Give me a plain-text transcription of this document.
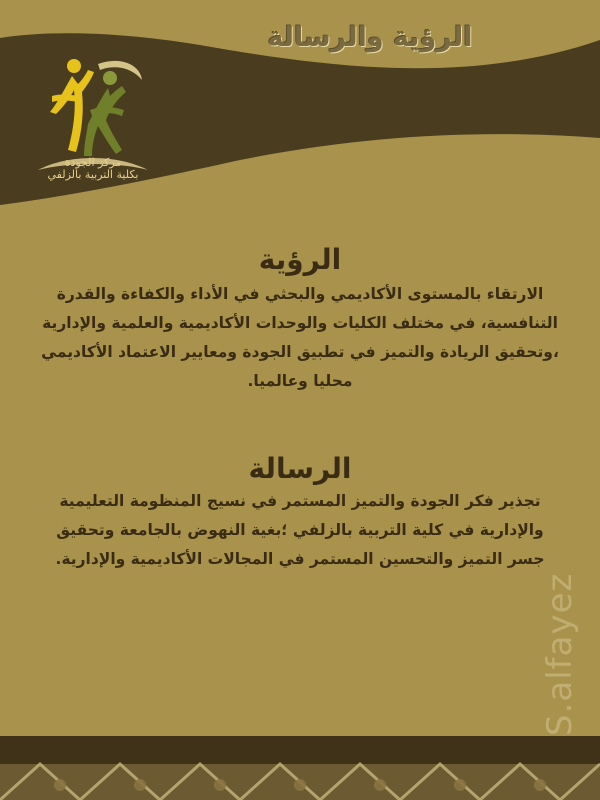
الرؤية والرسالة
مركز الجودة
بكلية التربية بالزلفي
الرؤية

الارتقاء بالمستوى الأكاديمي والبحثي في الأداء والكفاءة والقدرة

التنافسية، في مختلف الكليات والوحدات الأكاديمية والعلمية والإدارية

،وتحقيق الريادة والتميز في تطبيق الجودة ومعايير الاعتماد الأكاديمي

محليا وعالميا.

الرسالة

تجذير فكر الجودة والتميز المستمر في نسيج المنظومة التعليمية

والإدارية في كلية التربية بالزلفي ؛بغية النهوض بالجامعة وتحقيق

جسر التميز والتحسين المستمر في المجالات الأكاديمية والإدارية.

S.alfayez
